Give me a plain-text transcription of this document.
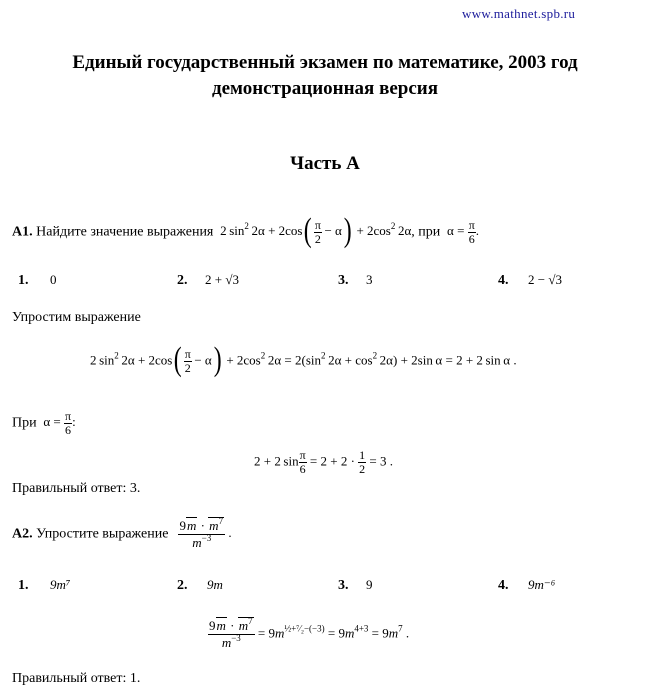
www.mathnet.spb.ru
Единый государственный экзамен по математике, 2003 год
демонстрационная версия
Часть А
А1. Найдите значение выражения  2 $\sin^2 2\alpha + 2\cos( \frac{\pi}{2} - \alpha) + 2\cos^2$ 2α, при  $\alpha = \frac{\pi}{6}$ .
1. 0	2. 2 + √3	3. 3	4. 2 − √3
Упростим выражение
2 $\sin^2 2\alpha + 2\cos( \frac{\pi}{2} - \alpha) + 2\cos^2$ $2\alpha = 2(\sin^2$ $2\alpha + \cos^2 2\alpha) + 2\sin$ α = 2 + 2 sin α .
При  $\alpha = \frac{\pi}{6}$ :
2 + 2 $\sin \frac{\pi}{6} = 2 + 2 \cdot \frac{1}{2} = 3$ .
Правильный ответ: 3.
А2. Упростите выражение $\frac{9m \cdot m^7}{m^{-3}}$ .
1. 9m⁷	2. 9m	3. 9	4. 9m⁻⁶
$\frac{9m \cdot m^7}{m^{-3}} = 9m^{\frac{1}{2}+^7⁄_2-(-3)} = 9m^{4+3} = 9m^7$ .
Правильный ответ: 1.
